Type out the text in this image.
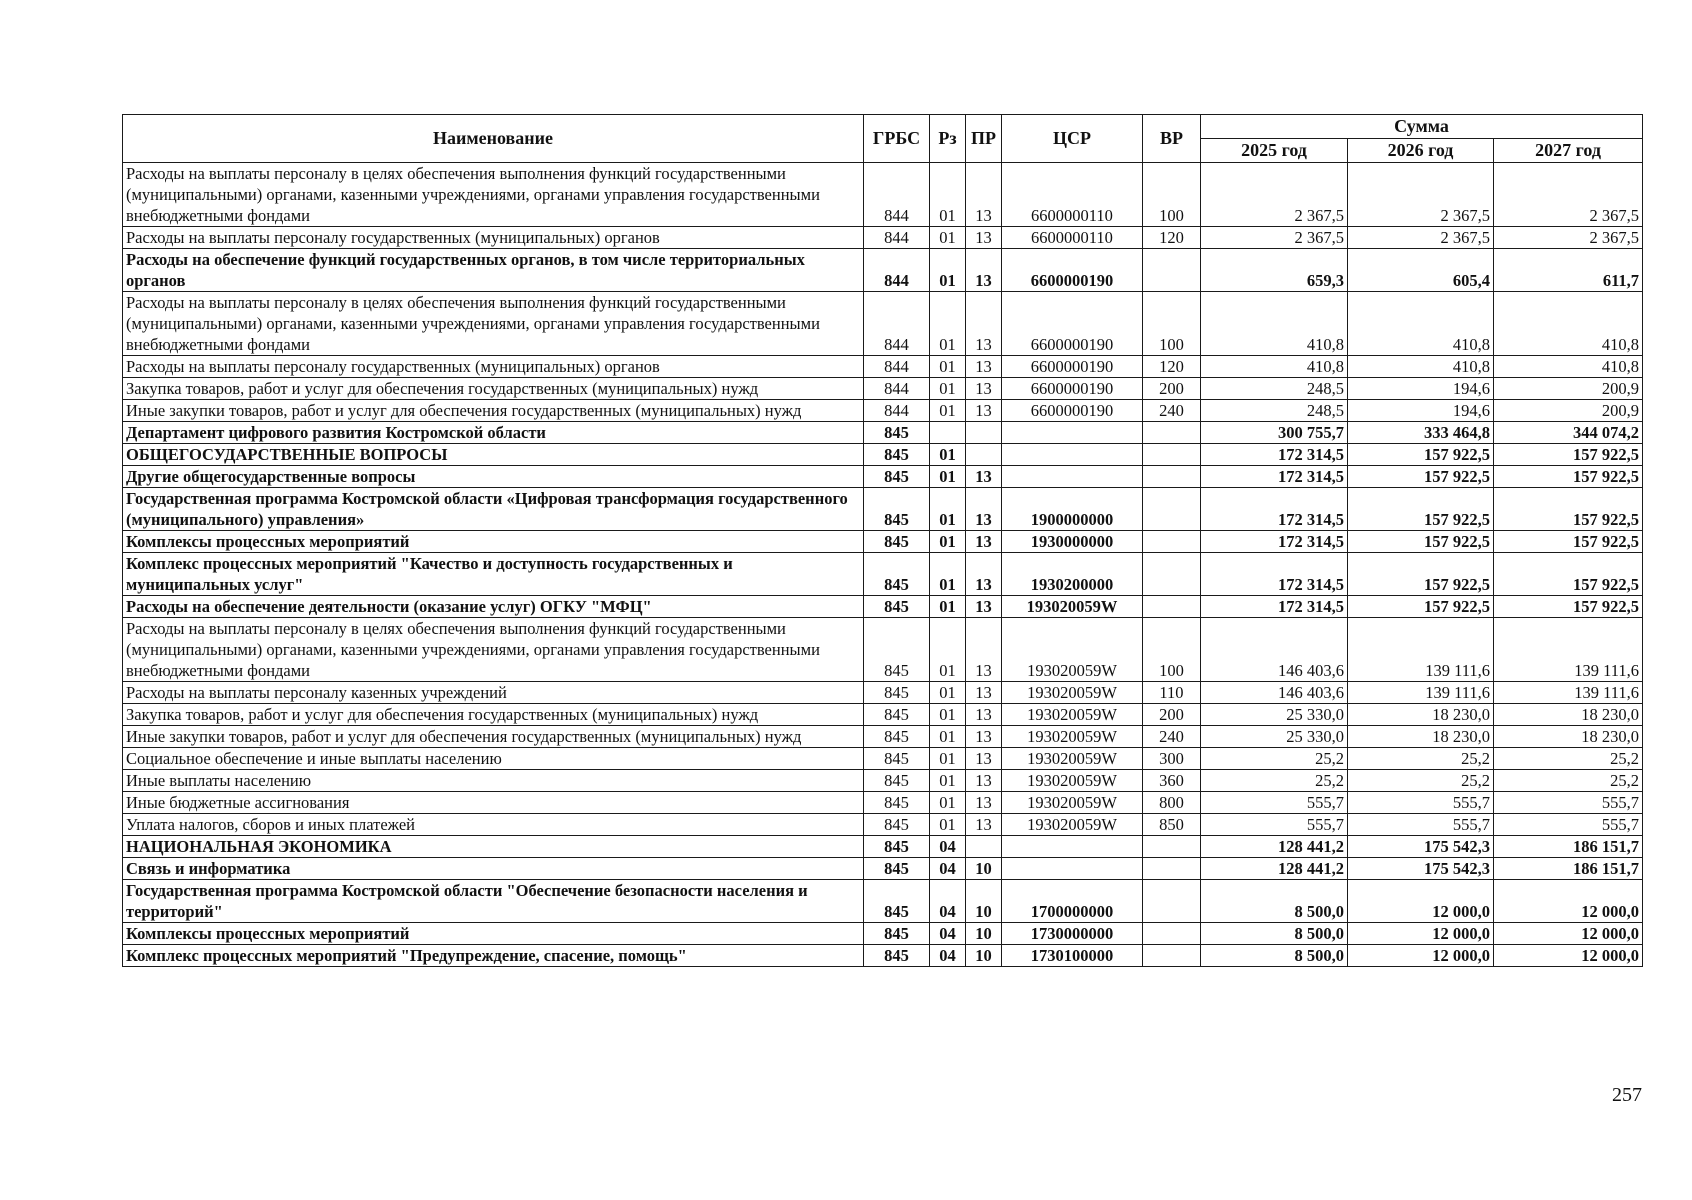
Наименование	ГРБС	Рз	ПР	ЦСР	ВР	Сумма		
						2025 год	2026 год	2027 год
Расходы на выплаты персоналу в целях обеспечения выполнения функций государственными (муниципальными) органами, казенными учреждениями, органами управления государственными внебюджетными фондами	844	01	13	6600000110	100	2 367,5	2 367,5	2 367,5
Расходы на выплаты персоналу государственных (муниципальных) органов	844	01	13	6600000110	120	2 367,5	2 367,5	2 367,5
Расходы на обеспечение функций государственных органов, в том числе территориальных органов	844	01	13	6600000190		659,3	605,4	611,7
Расходы на выплаты персоналу в целях обеспечения выполнения функций государственными (муниципальными) органами, казенными учреждениями, органами управления государственными внебюджетными фондами	844	01	13	6600000190	100	410,8	410,8	410,8
Расходы на выплаты персоналу государственных (муниципальных) органов	844	01	13	6600000190	120	410,8	410,8	410,8
Закупка товаров, работ и услуг для обеспечения государственных (муниципальных) нужд	844	01	13	6600000190	200	248,5	194,6	200,9
Иные закупки товаров, работ и услуг для обеспечения государственных (муниципальных) нужд	844	01	13	6600000190	240	248,5	194,6	200,9
Департамент цифрового развития Костромской области	845					300 755,7	333 464,8	344 074,2
ОБЩЕГОСУДАРСТВЕННЫЕ ВОПРОСЫ	845	01				172 314,5	157 922,5	157 922,5
Другие общегосударственные вопросы	845	01	13			172 314,5	157 922,5	157 922,5
Государственная программа Костромской области «Цифровая трансформация государственного (муниципального) управления»	845	01	13	1900000000		172 314,5	157 922,5	157 922,5
Комплексы процессных мероприятий	845	01	13	1930000000		172 314,5	157 922,5	157 922,5
Комплекс процессных мероприятий "Качество и доступность государственных и муниципальных услуг"	845	01	13	1930200000		172 314,5	157 922,5	157 922,5
Расходы на обеспечение деятельности (оказание услуг) ОГКУ "МФЦ"	845	01	13	193020059W		172 314,5	157 922,5	157 922,5
Расходы на выплаты персоналу в целях обеспечения выполнения функций государственными (муниципальными) органами, казенными учреждениями, органами управления государственными внебюджетными фондами	845	01	13	193020059W	100	146 403,6	139 111,6	139 111,6
Расходы на выплаты персоналу казенных учреждений	845	01	13	193020059W	110	146 403,6	139 111,6	139 111,6
Закупка товаров, работ и услуг для обеспечения государственных (муниципальных) нужд	845	01	13	193020059W	200	25 330,0	18 230,0	18 230,0
Иные закупки товаров, работ и услуг для обеспечения государственных (муниципальных) нужд	845	01	13	193020059W	240	25 330,0	18 230,0	18 230,0
Социальное обеспечение и иные выплаты населению	845	01	13	193020059W	300	25,2	25,2	25,2
Иные выплаты населению	845	01	13	193020059W	360	25,2	25,2	25,2
Иные бюджетные ассигнования	845	01	13	193020059W	800	555,7	555,7	555,7
Уплата налогов, сборов и иных платежей	845	01	13	193020059W	850	555,7	555,7	555,7
НАЦИОНАЛЬНАЯ ЭКОНОМИКА	845	04				128 441,2	175 542,3	186 151,7
Связь и информатика	845	04	10			128 441,2	175 542,3	186 151,7
Государственная программа Костромской области "Обеспечение безопасности населения и территорий"	845	04	10	1700000000		8 500,0	12 000,0	12 000,0
Комплексы процессных мероприятий	845	04	10	1730000000		8 500,0	12 000,0	12 000,0
Комплекс процессных мероприятий "Предупреждение, спасение, помощь"	845	04	10	1730100000		8 500,0	12 000,0	12 000,0
257
